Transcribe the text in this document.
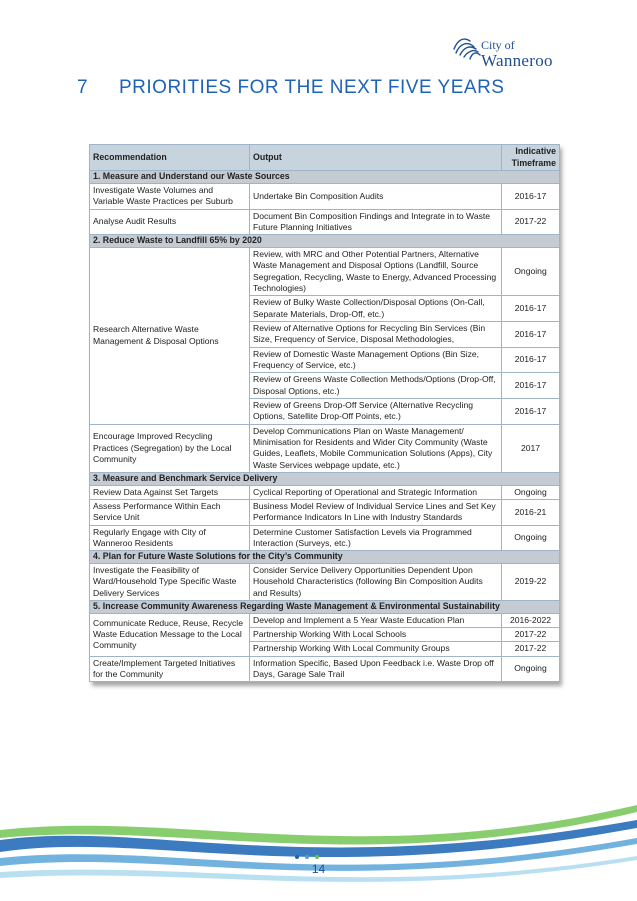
City of
Wanneroo
7 PRIORITIES FOR THE NEXT FIVE YEARS
Recommendation	Output	Indicative Timeframe
1. Measure and Understand our Waste Sources		
Investigate Waste Volumes and Variable Waste Practices per Suburb	Undertake Bin Composition Audits	2016-17
Analyse Audit Results	Document Bin Composition Findings and Integrate in to Waste Future Planning Initiatives	2017-22
2. Reduce Waste to Landfill 65% by 2020		
Research Alternative Waste Management & Disposal Options	Review, with MRC and Other Potential Partners, Alternative Waste Management and Disposal Options (Landfill, Source Segregation, Recycling, Waste to Energy, Advanced Processing Technologies)	Ongoing
	Review of Bulky Waste Collection/Disposal Options (On-Call, Separate Materials, Drop-Off, etc.)	2016-17
	Review of Alternative Options for Recycling Bin Services (Bin Size, Frequency of Service, Disposal Methodologies,	2016-17
	Review of Domestic Waste Management Options (Bin Size, Frequency of Service, etc.)	2016-17
	Review of Greens Waste Collection Methods/Options (Drop-Off, Disposal Options, etc.)	2016-17
	Review of Greens Drop-Off Service (Alternative Recycling Options, Satellite Drop-Off Points, etc.)	2016-17
Encourage Improved Recycling Practices (Segregation) by the Local Community	Develop Communications Plan on Waste Management/ Minimisation for Residents and Wider City Community (Waste Guides, Leaflets, Mobile Communication Solutions (Apps), City Waste Services webpage update, etc.)	2017
3. Measure and Benchmark Service Delivery		
Review Data Against Set Targets	Cyclical Reporting of Operational and Strategic Information	Ongoing
Assess Performance Within Each Service Unit	Business Model Review of Individual Service Lines and Set Key Performance Indicators In Line with Industry Standards	2016-21
Regularly Engage with City of Wanneroo Residents	Determine Customer Satisfaction Levels via Programmed Interaction (Surveys, etc.)	Ongoing
4. Plan for Future Waste Solutions for the City’s Community		
Investigate the Feasibility of Ward/Household Type Specific Waste Delivery Services	Consider Service Delivery Opportunities Dependent Upon Household Characteristics (following Bin Composition Audits and Results)	2019-22
5. Increase Community Awareness Regarding Waste Management & Environmental Sustainability		
Communicate Reduce, Reuse, Recycle Waste Education Message to the Local Community	Develop and Implement a 5 Year Waste Education Plan	2016-2022
	Partnership Working With Local Schools	2017-22
	Partnership Working With Local Community Groups	2017-22
Create/Implement Targeted Initiatives for the Community	Information Specific, Based Upon Feedback i.e. Waste Drop off Days, Garage Sale Trail	Ongoing
14
